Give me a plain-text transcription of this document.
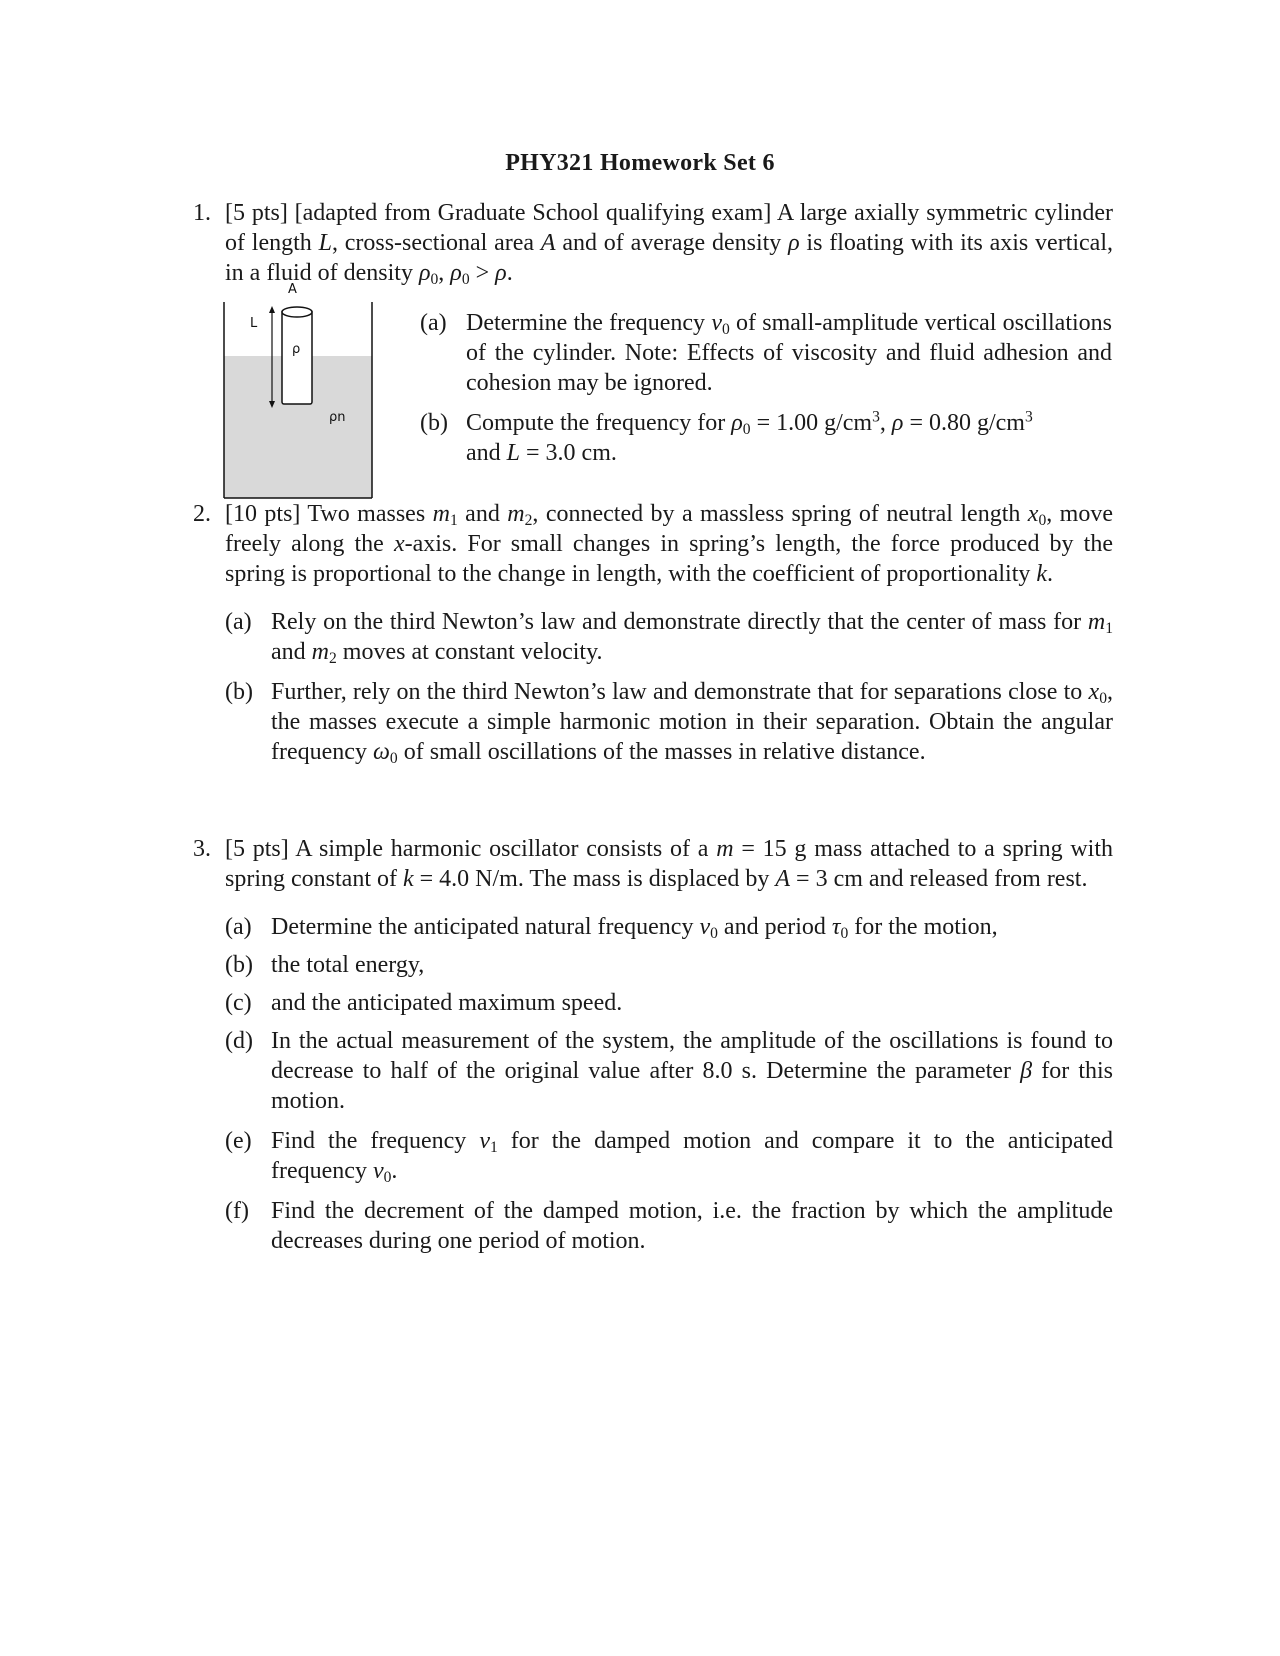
PHY321 Homework Set 6
1. [5 pts] [adapted from Graduate School qualifying exam] A large axially symmetric cylinder of length L, cross-sectional area A and of average density ρ is floating with its axis vertical, in a fluid of density $\rho_0$, $\rho_0 > \rho$.
A
L
ρ
ρn
(a) Determine the frequency $\nu_0$ of small-amplitude vertical oscillations of the cylinder. Note: Effects of viscosity and fluid adhesion and cohesion may be ignored.
(b) Compute the frequency for $\rho_0 = 1.00$ $g/cm^3$, ρ = 0.80 $g/cm^3$
and L = 3.0 cm.
2. [10 pts] Two masses $m_1$ and $m_2$, connected by a massless spring of neutral length $x_0$, move freely along the x-axis. For small changes in spring’s length, the force produced by the spring is proportional to the change in length, with the coefficient of proportionality k.
(a) Rely on the third Newton’s law and demonstrate directly that the center of mass for $m_1$ and $m_2$ moves at constant velocity.
(b) Further, rely on the third Newton’s law and demonstrate that for separations close to $x_0$, the masses execute a simple harmonic motion in their separation. Obtain the angular frequency $\omega_0$ of small oscillations of the masses in relative distance.
3. [5 pts] A simple harmonic oscillator consists of a m = 15 g mass attached to a spring with spring constant of k = 4.0 N/m. The mass is displaced by A = 3 cm and released from rest.
(a) Determine the anticipated natural frequency $\nu_0$ and period $\tau_0$ for the motion,
(b) the total energy,
(c) and the anticipated maximum speed.
(d) In the actual measurement of the system, the amplitude of the oscillations is found to decrease to half of the original value after 8.0 s. Determine the parameter β for this motion.
(e) Find the frequency $\nu_1$ for the damped motion and compare it to the anticipated frequency $\nu_0$.
(f) Find the decrement of the damped motion, i.e. the fraction by which the amplitude decreases during one period of motion.
